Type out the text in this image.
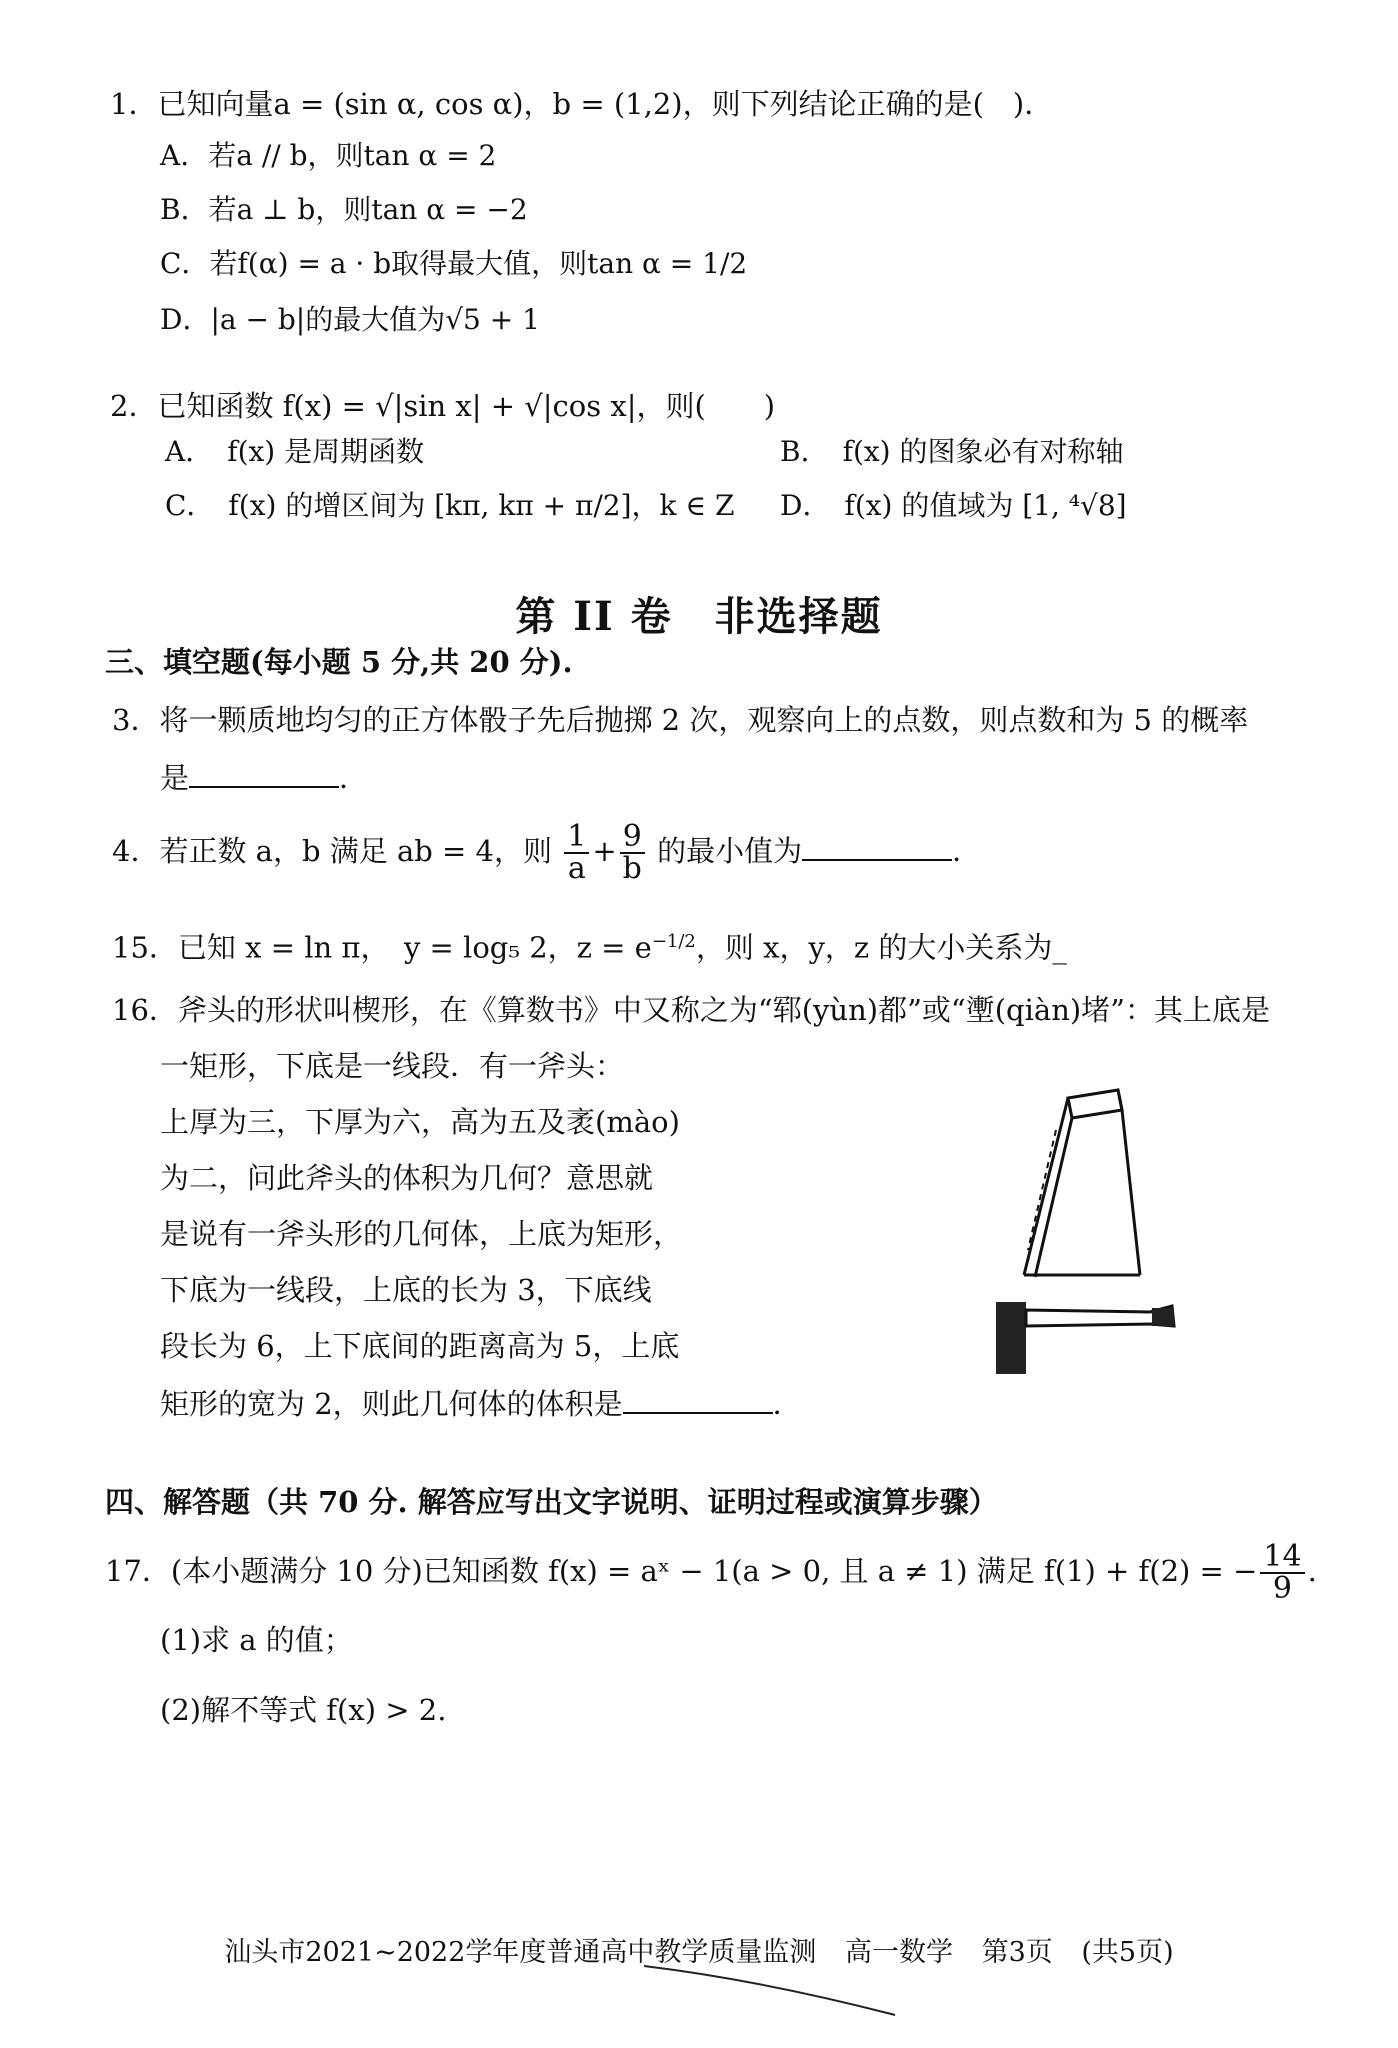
1．已知向量a = (sin α, cos α)，b = (1,2)，则下列结论正确的是(　)．
A．若a // b，则tan α = 2
B．若a ⊥ b，则tan α = −2
C．若f(α) = a · b取得最大值，则tan α = 1/2
D．|a − b|的最大值为√5 + 1
2．已知函数 f(x) = √|sin x| + √|cos x|，则(　　)
A．　f(x) 是周期函数	B．　f(x) 的图象必有对称轴
C．　f(x) 的增区间为 [kπ, kπ + π/2]，k ∈ Z D．　f(x) 的值域为 [1, ⁴√8]
第 II 卷　非选择题
三、填空题(每小题 5 分,共 20 分).
3．将一颗质地均匀的正方体骰子先后抛掷 2 次，观察向上的点数，则点数和为 5 的概率
是	．
4．若正数 a，b 满足 ab = 4，则 $\frac{1}{a} + \frac{9}{b}$ 的最小值为	．
15．已知 x = ln π，　y = log₅ 2，$z = e^{-1/2}$，则 x，y，z 的大小关系为_
16．斧头的形状叫楔形，在《算数书》中又称之为“郓(yùn)都”或“壍(qiàn)堵”：其上底是
一矩形，下底是一线段．有一斧头：
上厚为三，下厚为六，高为五及袤(mào)
为二，问此斧头的体积为几何？意思就
是说有一斧头形的几何体，上底为矩形，
下底为一线段，上底的长为 3，下底线
段长为 6，上下底间的距离高为 5，上底
矩形的宽为 2，则此几何体的体积是	．
四、解答题（共 70 分. 解答应写出文字说明、证明过程或演算步骤）
17．(本小题满分 10 分)已知函数 f(x) = aˣ − 1(a > 0, 且 a ≠ 1) 满足 f(1) + f(2) = − $\frac{14}{9}$ .
(1)求 a 的值；
(2)解不等式 f(x) > 2.
汕头市2021~2022学年度普通高中教学质量监测 高一数学 第3页 (共5页)
